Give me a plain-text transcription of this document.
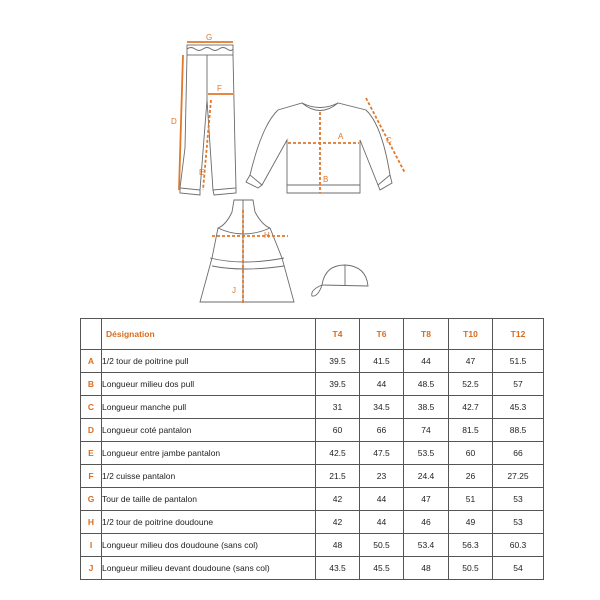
G
D
F
E
A
B
C
H
J
	Désignation	T4	T6	T8	T10	T12
A	1/2 tour de poitrine pull	39.5	41.5	44	47	51.5
B	Longueur milieu dos pull	39.5	44	48.5	52.5	57
C	Longueur manche pull	31	34.5	38.5	42.7	45.3
D	Longueur coté pantalon	60	66	74	81.5	88.5
E	Longueur entre jambe pantalon	42.5	47.5	53.5	60	66
F	1/2 cuisse pantalon	21.5	23	24.4	26	27.25
G	Tour de taille de pantalon	42	44	47	51	53
H	1/2 tour de poitrine doudoune	42	44	46	49	53
I	Longueur milieu dos doudoune (sans col)	48	50.5	53.4	56.3	60.3
J	Longueur milieu devant doudoune (sans col)	43.5	45.5	48	50.5	54
